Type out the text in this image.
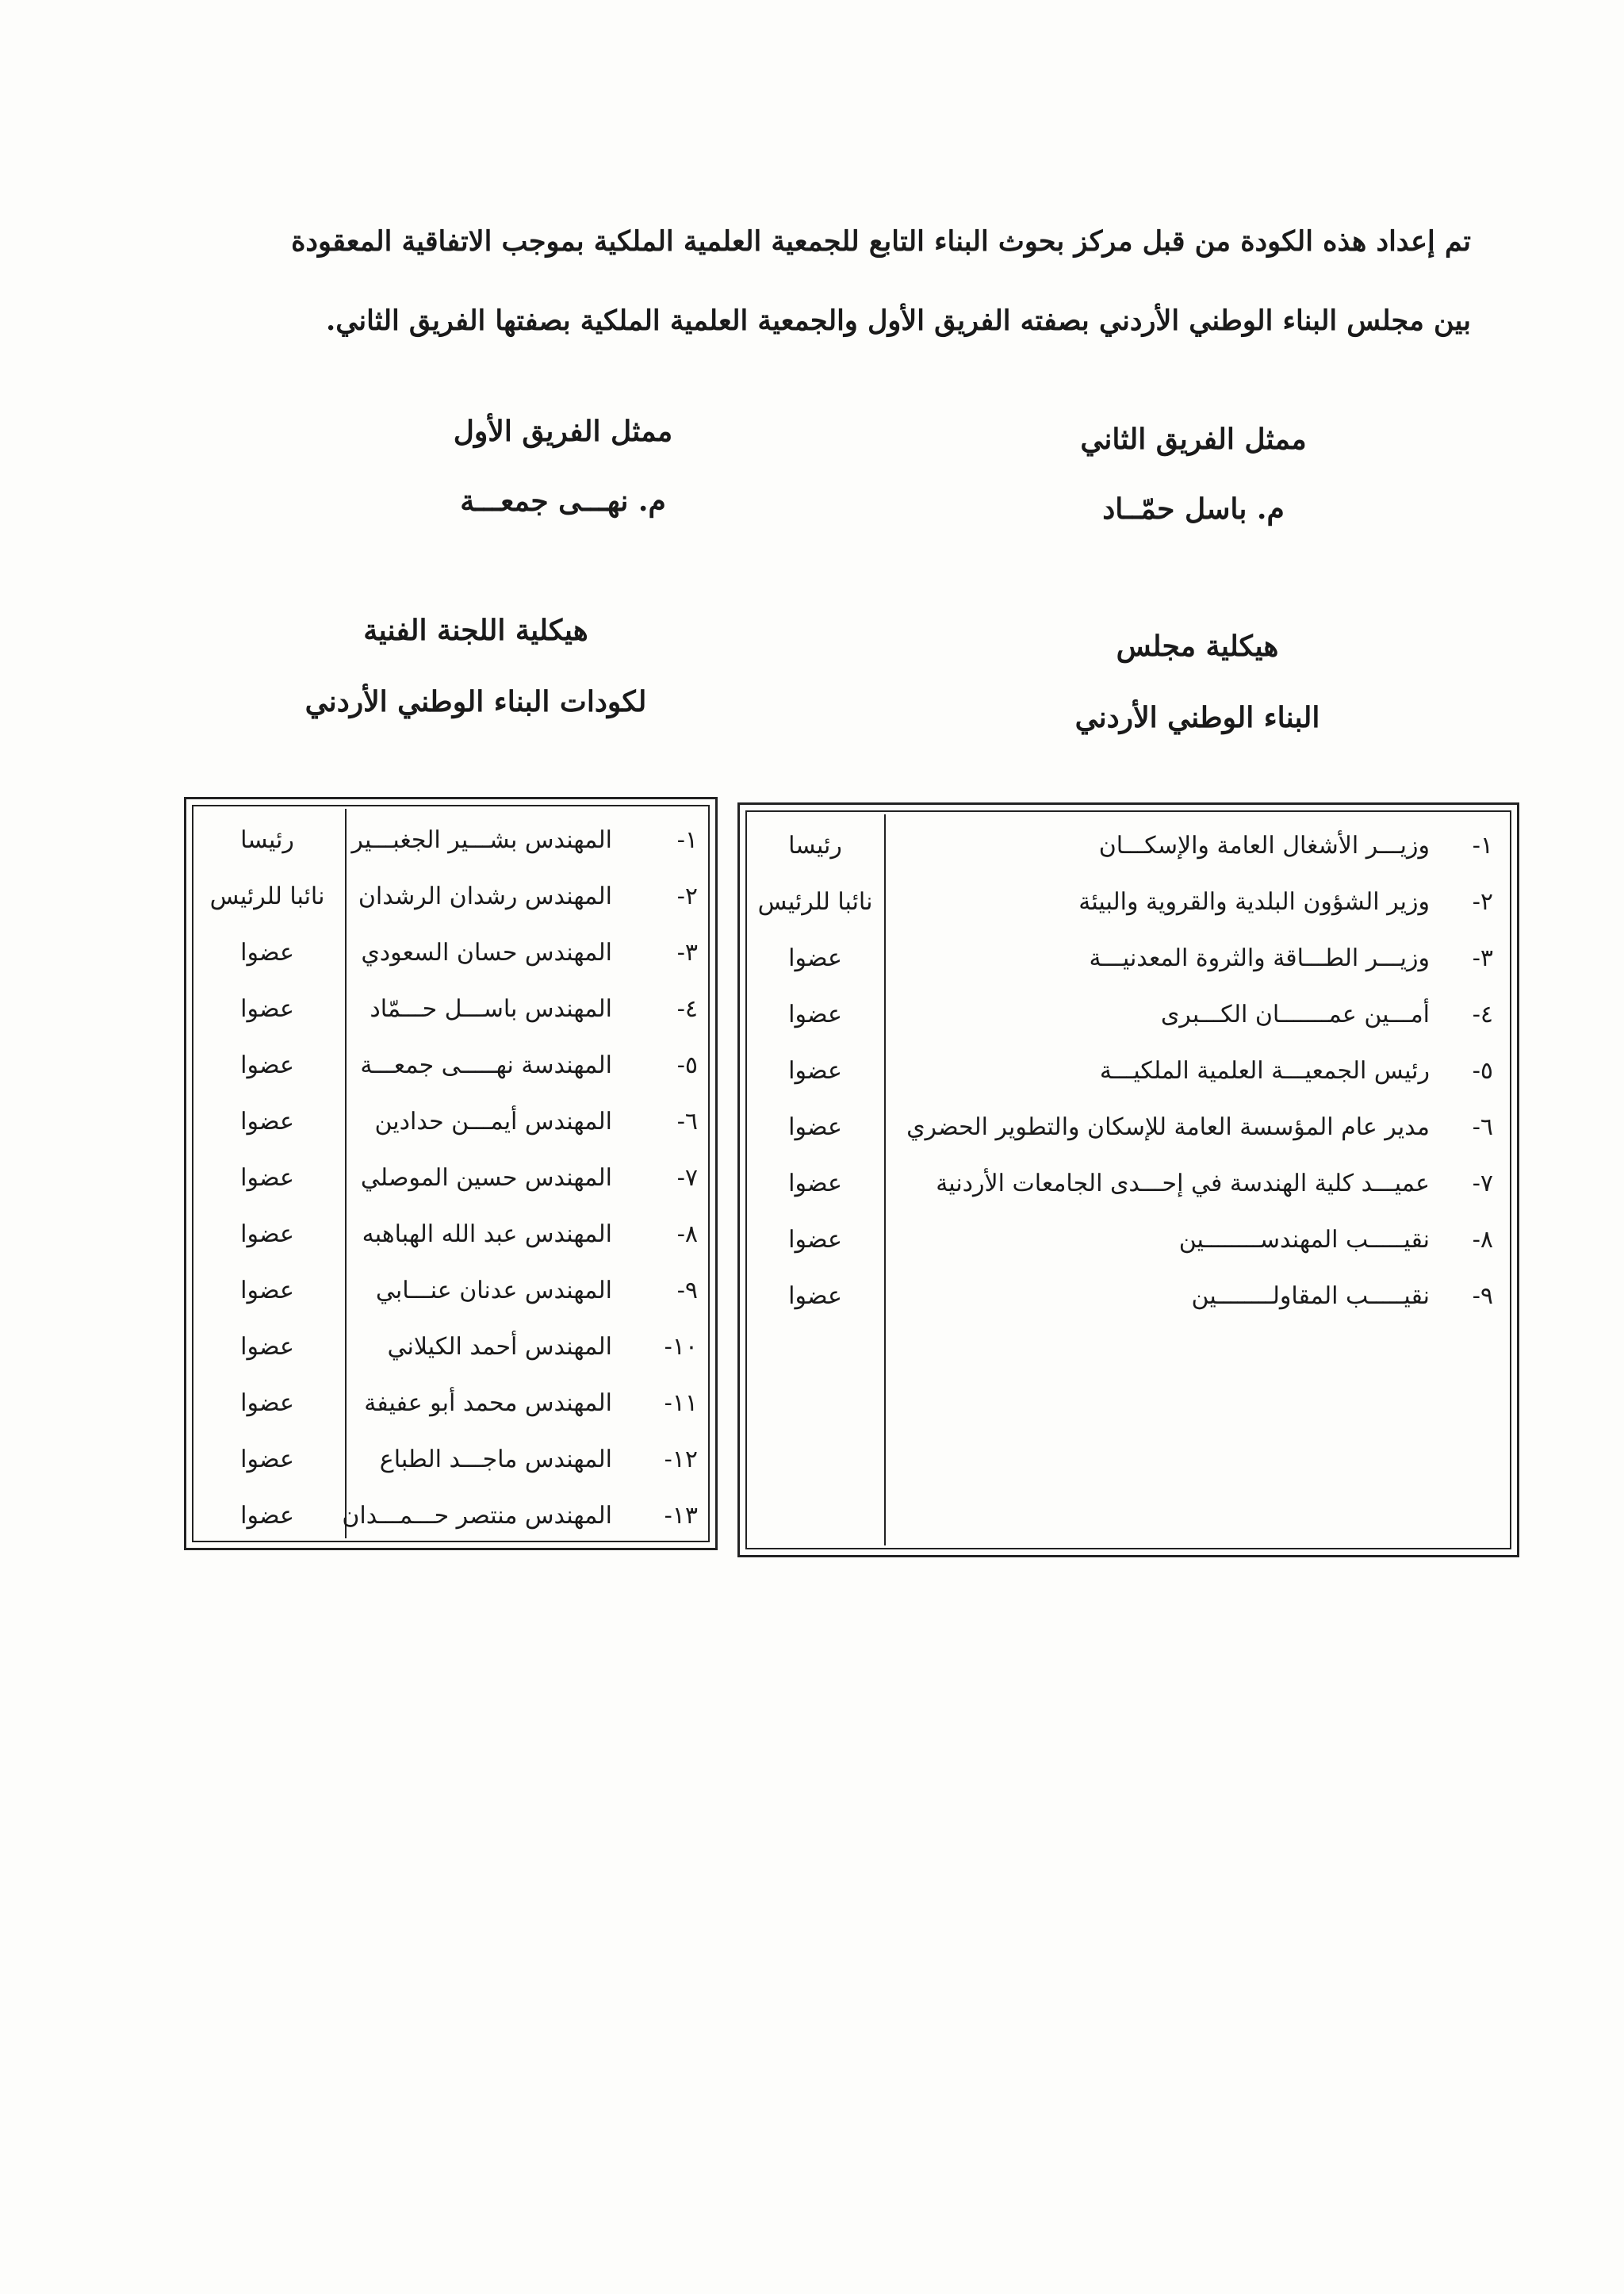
تم إعداد هذه الكودة من قبل مركز بحوث البناء التابع للجمعية العلمية الملكية بموجب الاتفاقية المعقودة

بين مجلس البناء الوطني الأردني بصفته الفريق الأول والجمعية العلمية الملكية بصفتها الفريق الثاني.

ممثل الفريق الثاني
م. باسل حمّــاد
ممثل الفريق الأول
م. نهـــى جمعـــة
هيكلية مجلس
البناء الوطني الأردني
هيكلية اللجنة الفنية
لكودات البناء الوطني الأردني
١-
وزيـــر الأشغال العامة والإسكـــان
رئيسا
٢-
وزير الشؤون البلدية والقروية والبيئة
نائبا للرئيس
٣-
وزيـــر الطـــاقة والثروة المعدنيـــة
عضوا
٤-
أمـــين عمـــــــان الكـــبرى
عضوا
٥-
رئيس الجمعيـــة العلمية الملكيـــة
عضوا
٦-
مدير عام المؤسسة العامة للإسكان والتطوير الحضري
عضوا
٧-
عميـــد كلية الهندسة في إحـــدى الجامعات الأردنية
عضوا
٨-
نقيـــــب المهندســــــــين
عضوا
٩-
نقيـــــب المقاولــــــــين
عضوا
١-
المهندس بشـــير الجغبـــير
رئيسا
٢-
المهندس رشدان الرشدان
نائبا للرئيس
٣-
المهندس حسان السعودي
عضوا
٤-
المهندس باســـل حـــمّاد
عضوا
٥-
المهندسة نهـــــى جمعـــة
عضوا
٦-
المهندس أيمـــن حدادين
عضوا
٧-
المهندس حسين الموصلي
عضوا
٨-
المهندس عبد الله الهباهبه
عضوا
٩-
المهندس عدنان عنـــابي
عضوا
١٠-
المهندس أحمد الكيلاني
عضوا
١١-
المهندس محمد أبو عفيفة
عضوا
١٢-
المهندس ماجـــد الطباع
عضوا
١٣-
المهندس منتصر حـــمـــدان
عضوا
